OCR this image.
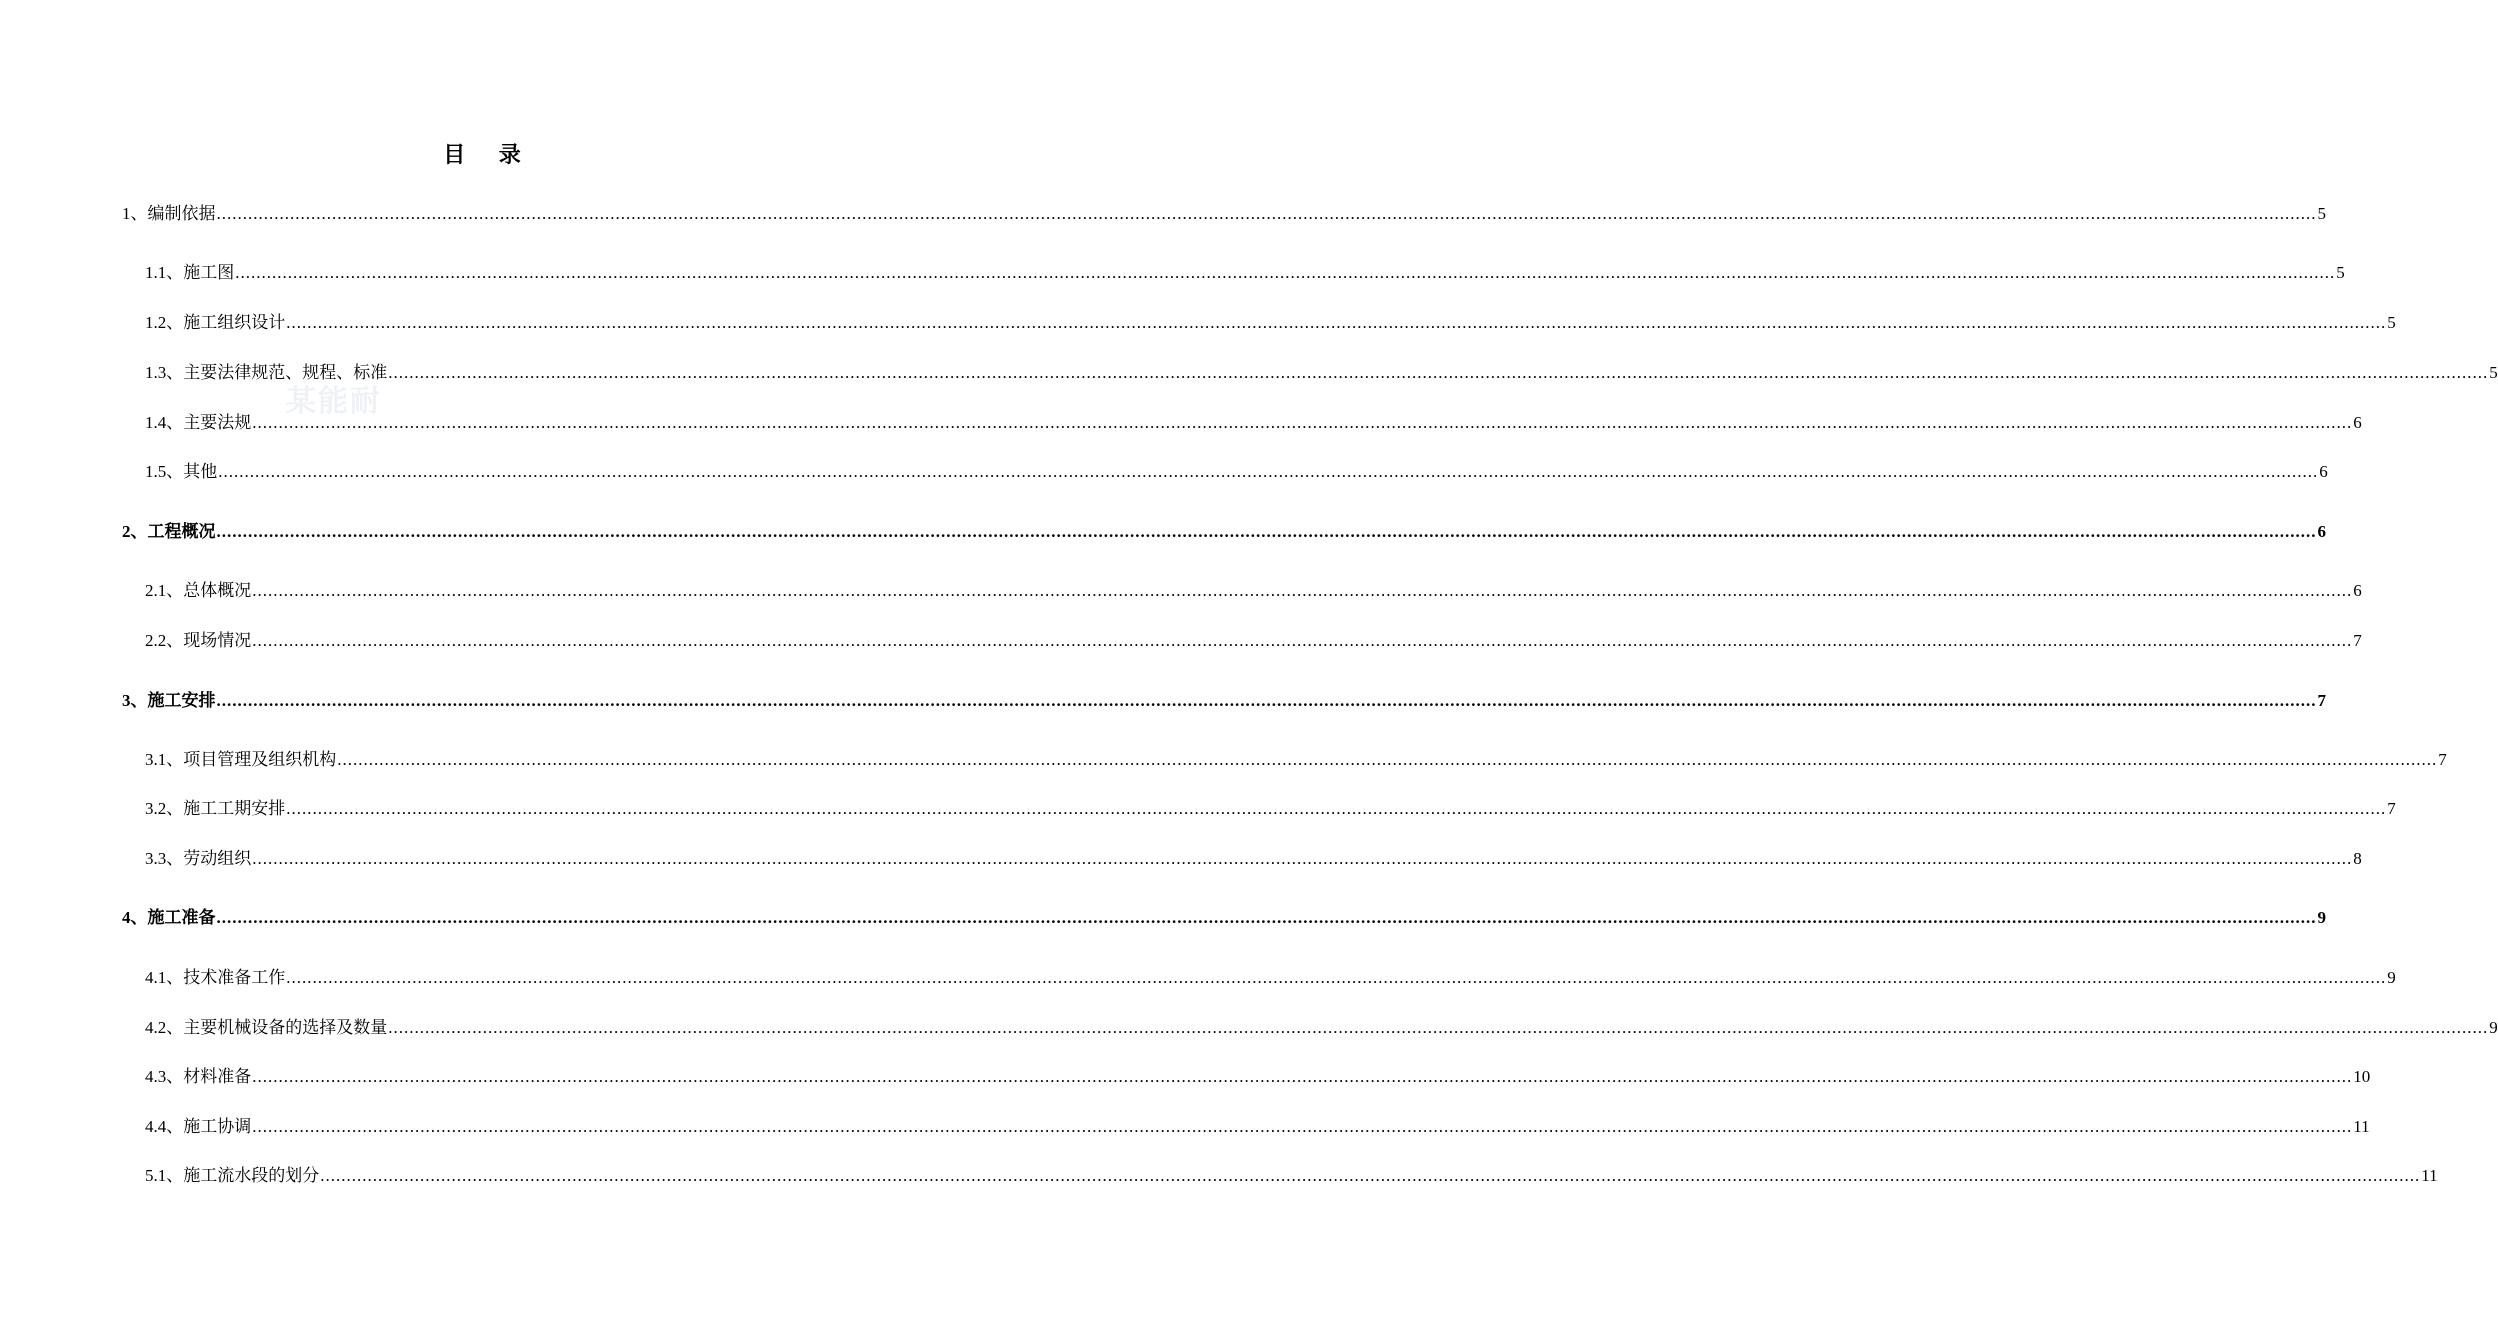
某能耐
目 录
1、编制依据 ................................................................................................................................................................................................................................................................................................................................................................................................................ 5
1.1、施工图 ................................................................................................................................................................................................................................................................................................................................................................................................................ 5
1.2、施工组织设计 ................................................................................................................................................................................................................................................................................................................................................................................................................ 5
1.3、主要法律规范、规程、标准 ................................................................................................................................................................................................................................................................................................................................................................................................................ 5
1.4、主要法规 ................................................................................................................................................................................................................................................................................................................................................................................................................ 6
1.5、其他 ................................................................................................................................................................................................................................................................................................................................................................................................................ 6
2、工程概况 ................................................................................................................................................................................................................................................................................................................................................................................................................ 6
2.1、总体概况 ................................................................................................................................................................................................................................................................................................................................................................................................................ 6
2.2、现场情况 ................................................................................................................................................................................................................................................................................................................................................................................................................ 7
3、施工安排 ................................................................................................................................................................................................................................................................................................................................................................................................................ 7
3.1、项目管理及组织机构 ................................................................................................................................................................................................................................................................................................................................................................................................................ 7
3.2、施工工期安排 ................................................................................................................................................................................................................................................................................................................................................................................................................ 7
3.3、劳动组织 ................................................................................................................................................................................................................................................................................................................................................................................................................ 8
4、施工准备 ................................................................................................................................................................................................................................................................................................................................................................................................................ 9
4.1、技术准备工作 ................................................................................................................................................................................................................................................................................................................................................................................................................ 9
4.2、主要机械设备的选择及数量 ................................................................................................................................................................................................................................................................................................................................................................................................................ 9
4.3、材料准备 ................................................................................................................................................................................................................................................................................................................................................................................................................ 10
4.4、施工协调 ................................................................................................................................................................................................................................................................................................................................................................................................................ 11
5.1、施工流水段的划分 ................................................................................................................................................................................................................................................................................................................................................................................................................ 11
